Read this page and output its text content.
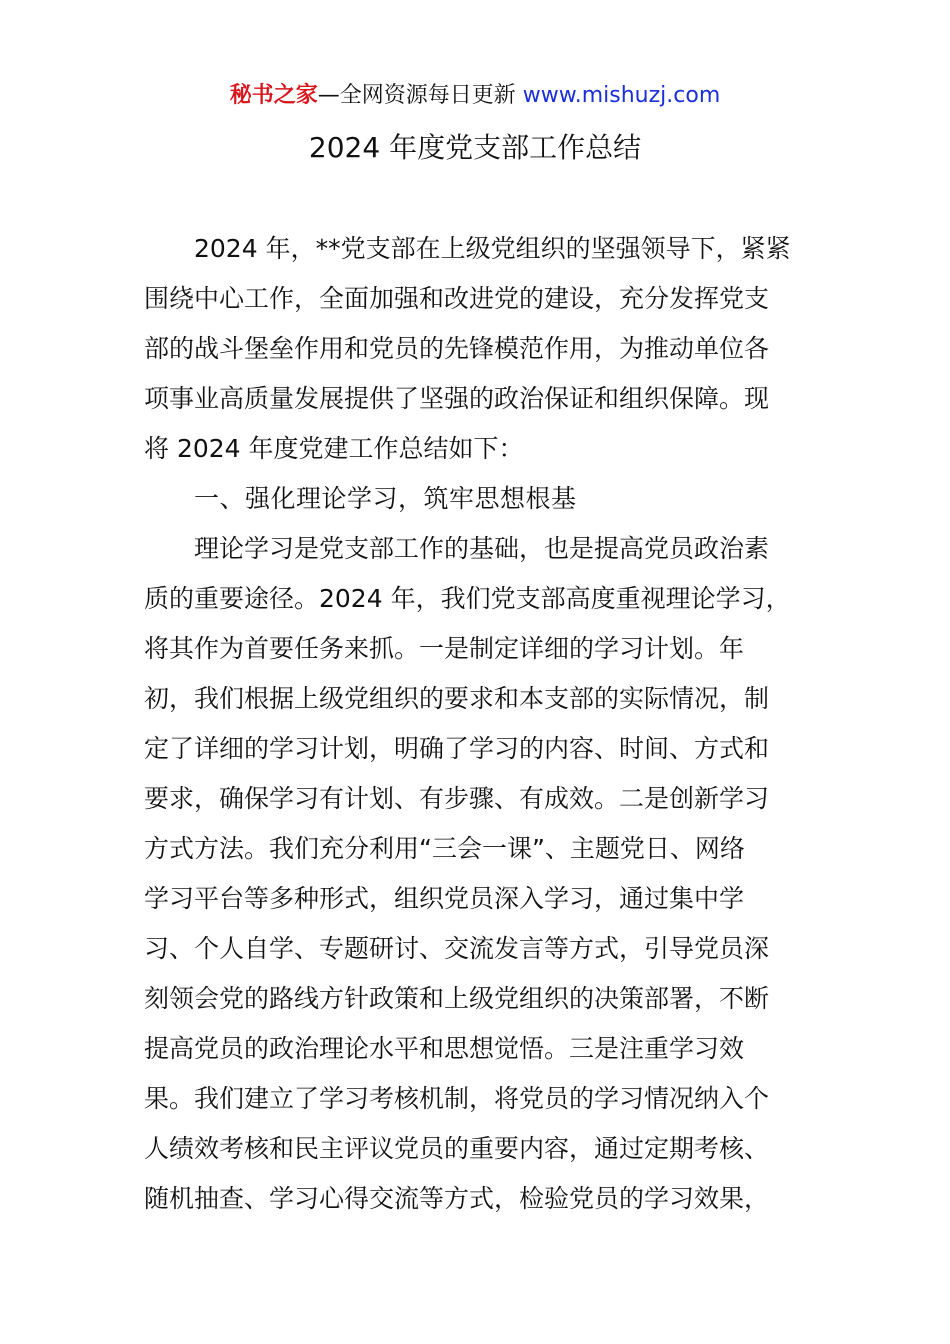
秘书之家—全网资源每日更新 www.mishuzj.com
2024 年度党支部工作总结
2024 年，**党支部在上级党组织的坚强领导下，紧紧
围绕中心工作，全面加强和改进党的建设，充分发挥党支
部的战斗堡垒作用和党员的先锋模范作用，为推动单位各
项事业高质量发展提供了坚强的政治保证和组织保障。现
将 2024 年度党建工作总结如下：
一、强化理论学习，筑牢思想根基
理论学习是党支部工作的基础，也是提高党员政治素
质的重要途径。2024 年，我们党支部高度重视理论学习，
将其作为首要任务来抓。一是制定详细的学习计划。年
初，我们根据上级党组织的要求和本支部的实际情况，制
定了详细的学习计划，明确了学习的内容、时间、方式和
要求，确保学习有计划、有步骤、有成效。二是创新学习
方式方法。我们充分利用“三会一课”、主题党日、网络
学习平台等多种形式，组织党员深入学习，通过集中学
习、个人自学、专题研讨、交流发言等方式，引导党员深
刻领会党的路线方针政策和上级党组织的决策部署，不断
提高党员的政治理论水平和思想觉悟。三是注重学习效
果。我们建立了学习考核机制，将党员的学习情况纳入个
人绩效考核和民主评议党员的重要内容，通过定期考核、
随机抽查、学习心得交流等方式，检验党员的学习效果，
